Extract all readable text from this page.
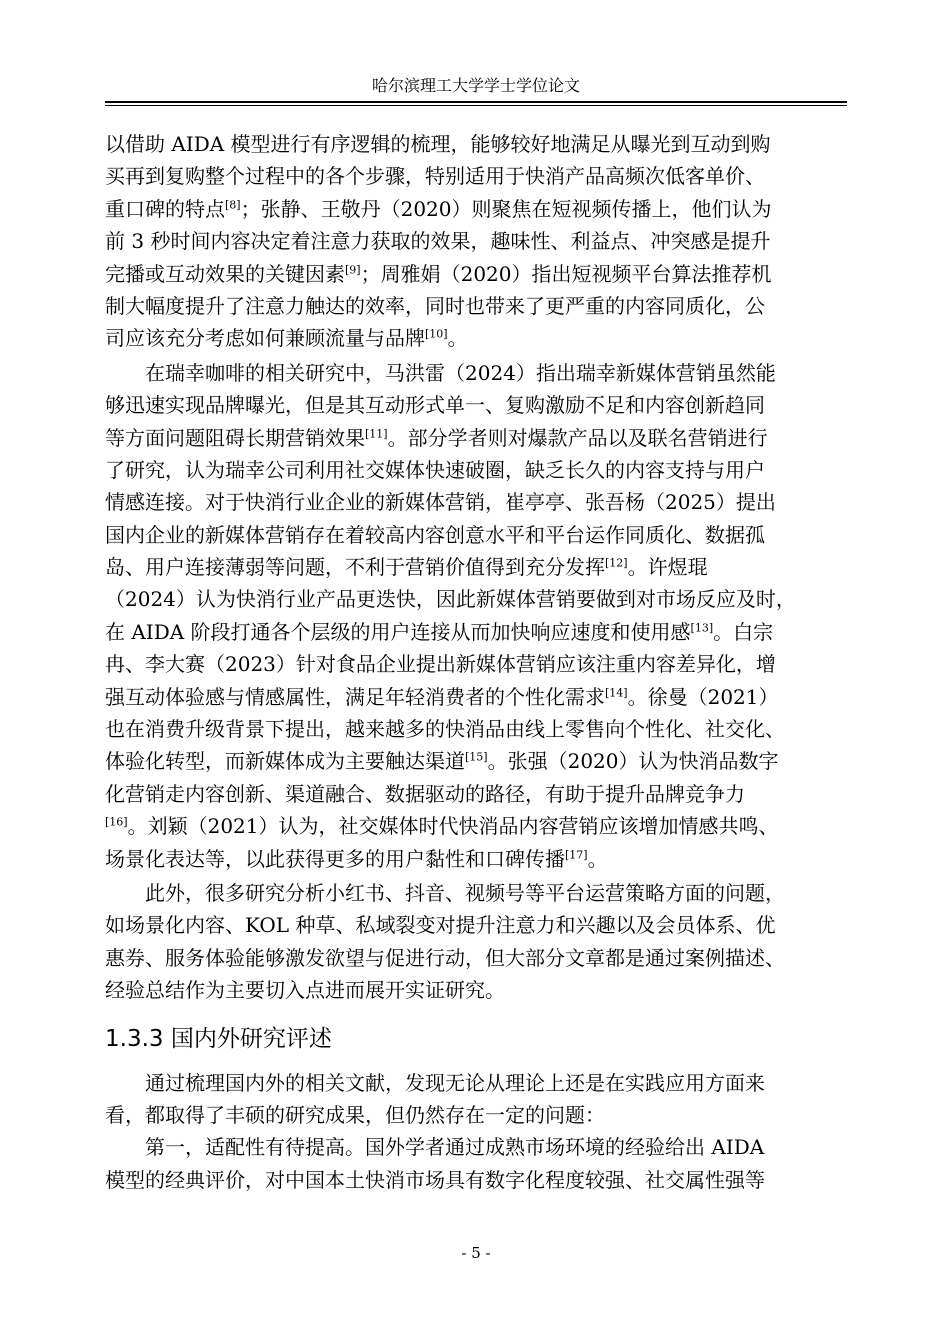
哈尔滨理工大学学士学位论文
以借助 AIDA 模型进行有序逻辑的梳理，能够较好地满足从曝光到互动到购
买再到复购整个过程中的各个步骤，特别适用于快消产品高频次低客单价、
重口碑的特点[8]；张静、王敬丹（2020）则聚焦在短视频传播上，他们认为
前 3 秒时间内容决定着注意力获取的效果，趣味性、利益点、冲突感是提升
完播或互动效果的关键因素[9]；周雅娟（2020）指出短视频平台算法推荐机
制大幅度提升了注意力触达的效率，同时也带来了更严重的内容同质化，公
司应该充分考虑如何兼顾流量与品牌[10]。
在瑞幸咖啡的相关研究中，马洪雷（2024）指出瑞幸新媒体营销虽然能
够迅速实现品牌曝光，但是其互动形式单一、复购激励不足和内容创新趋同
等方面问题阻碍长期营销效果[11]。部分学者则对爆款产品以及联名营销进行
了研究，认为瑞幸公司利用社交媒体快速破圈，缺乏长久的内容支持与用户
情感连接。对于快消行业企业的新媒体营销，崔亭亭、张吾杨（2025）提出
国内企业的新媒体营销存在着较高内容创意水平和平台运作同质化、数据孤
岛、用户连接薄弱等问题，不利于营销价值得到充分发挥[12]。许煜琨
（2024）认为快消行业产品更迭快，因此新媒体营销要做到对市场反应及时，
在 AIDA 阶段打通各个层级的用户连接从而加快响应速度和使用感[13]。白宗
冉、李大赛（2023）针对食品企业提出新媒体营销应该注重内容差异化，增
强互动体验感与情感属性，满足年轻消费者的个性化需求[14]。徐曼（2021）
也在消费升级背景下提出，越来越多的快消品由线上零售向个性化、社交化、
体验化转型，而新媒体成为主要触达渠道[15]。张强（2020）认为快消品数字
化营销走内容创新、渠道融合、数据驱动的路径，有助于提升品牌竞争力
[16]。刘颖（2021）认为，社交媒体时代快消品内容营销应该增加情感共鸣、
场景化表达等，以此获得更多的用户黏性和口碑传播[17]。
此外，很多研究分析小红书、抖音、视频号等平台运营策略方面的问题，
如场景化内容、KOL 种草、私域裂变对提升注意力和兴趣以及会员体系、优
惠券、服务体验能够激发欲望与促进行动，但大部分文章都是通过案例描述、
经验总结作为主要切入点进而展开实证研究。
1.3.3 国内外研究评述
通过梳理国内外的相关文献，发现无论从理论上还是在实践应用方面来
看，都取得了丰硕的研究成果，但仍然存在一定的问题：
第一，适配性有待提高。国外学者通过成熟市场环境的经验给出 AIDA
模型的经典评价，对中国本土快消市场具有数字化程度较强、社交属性强等
- 5 -
